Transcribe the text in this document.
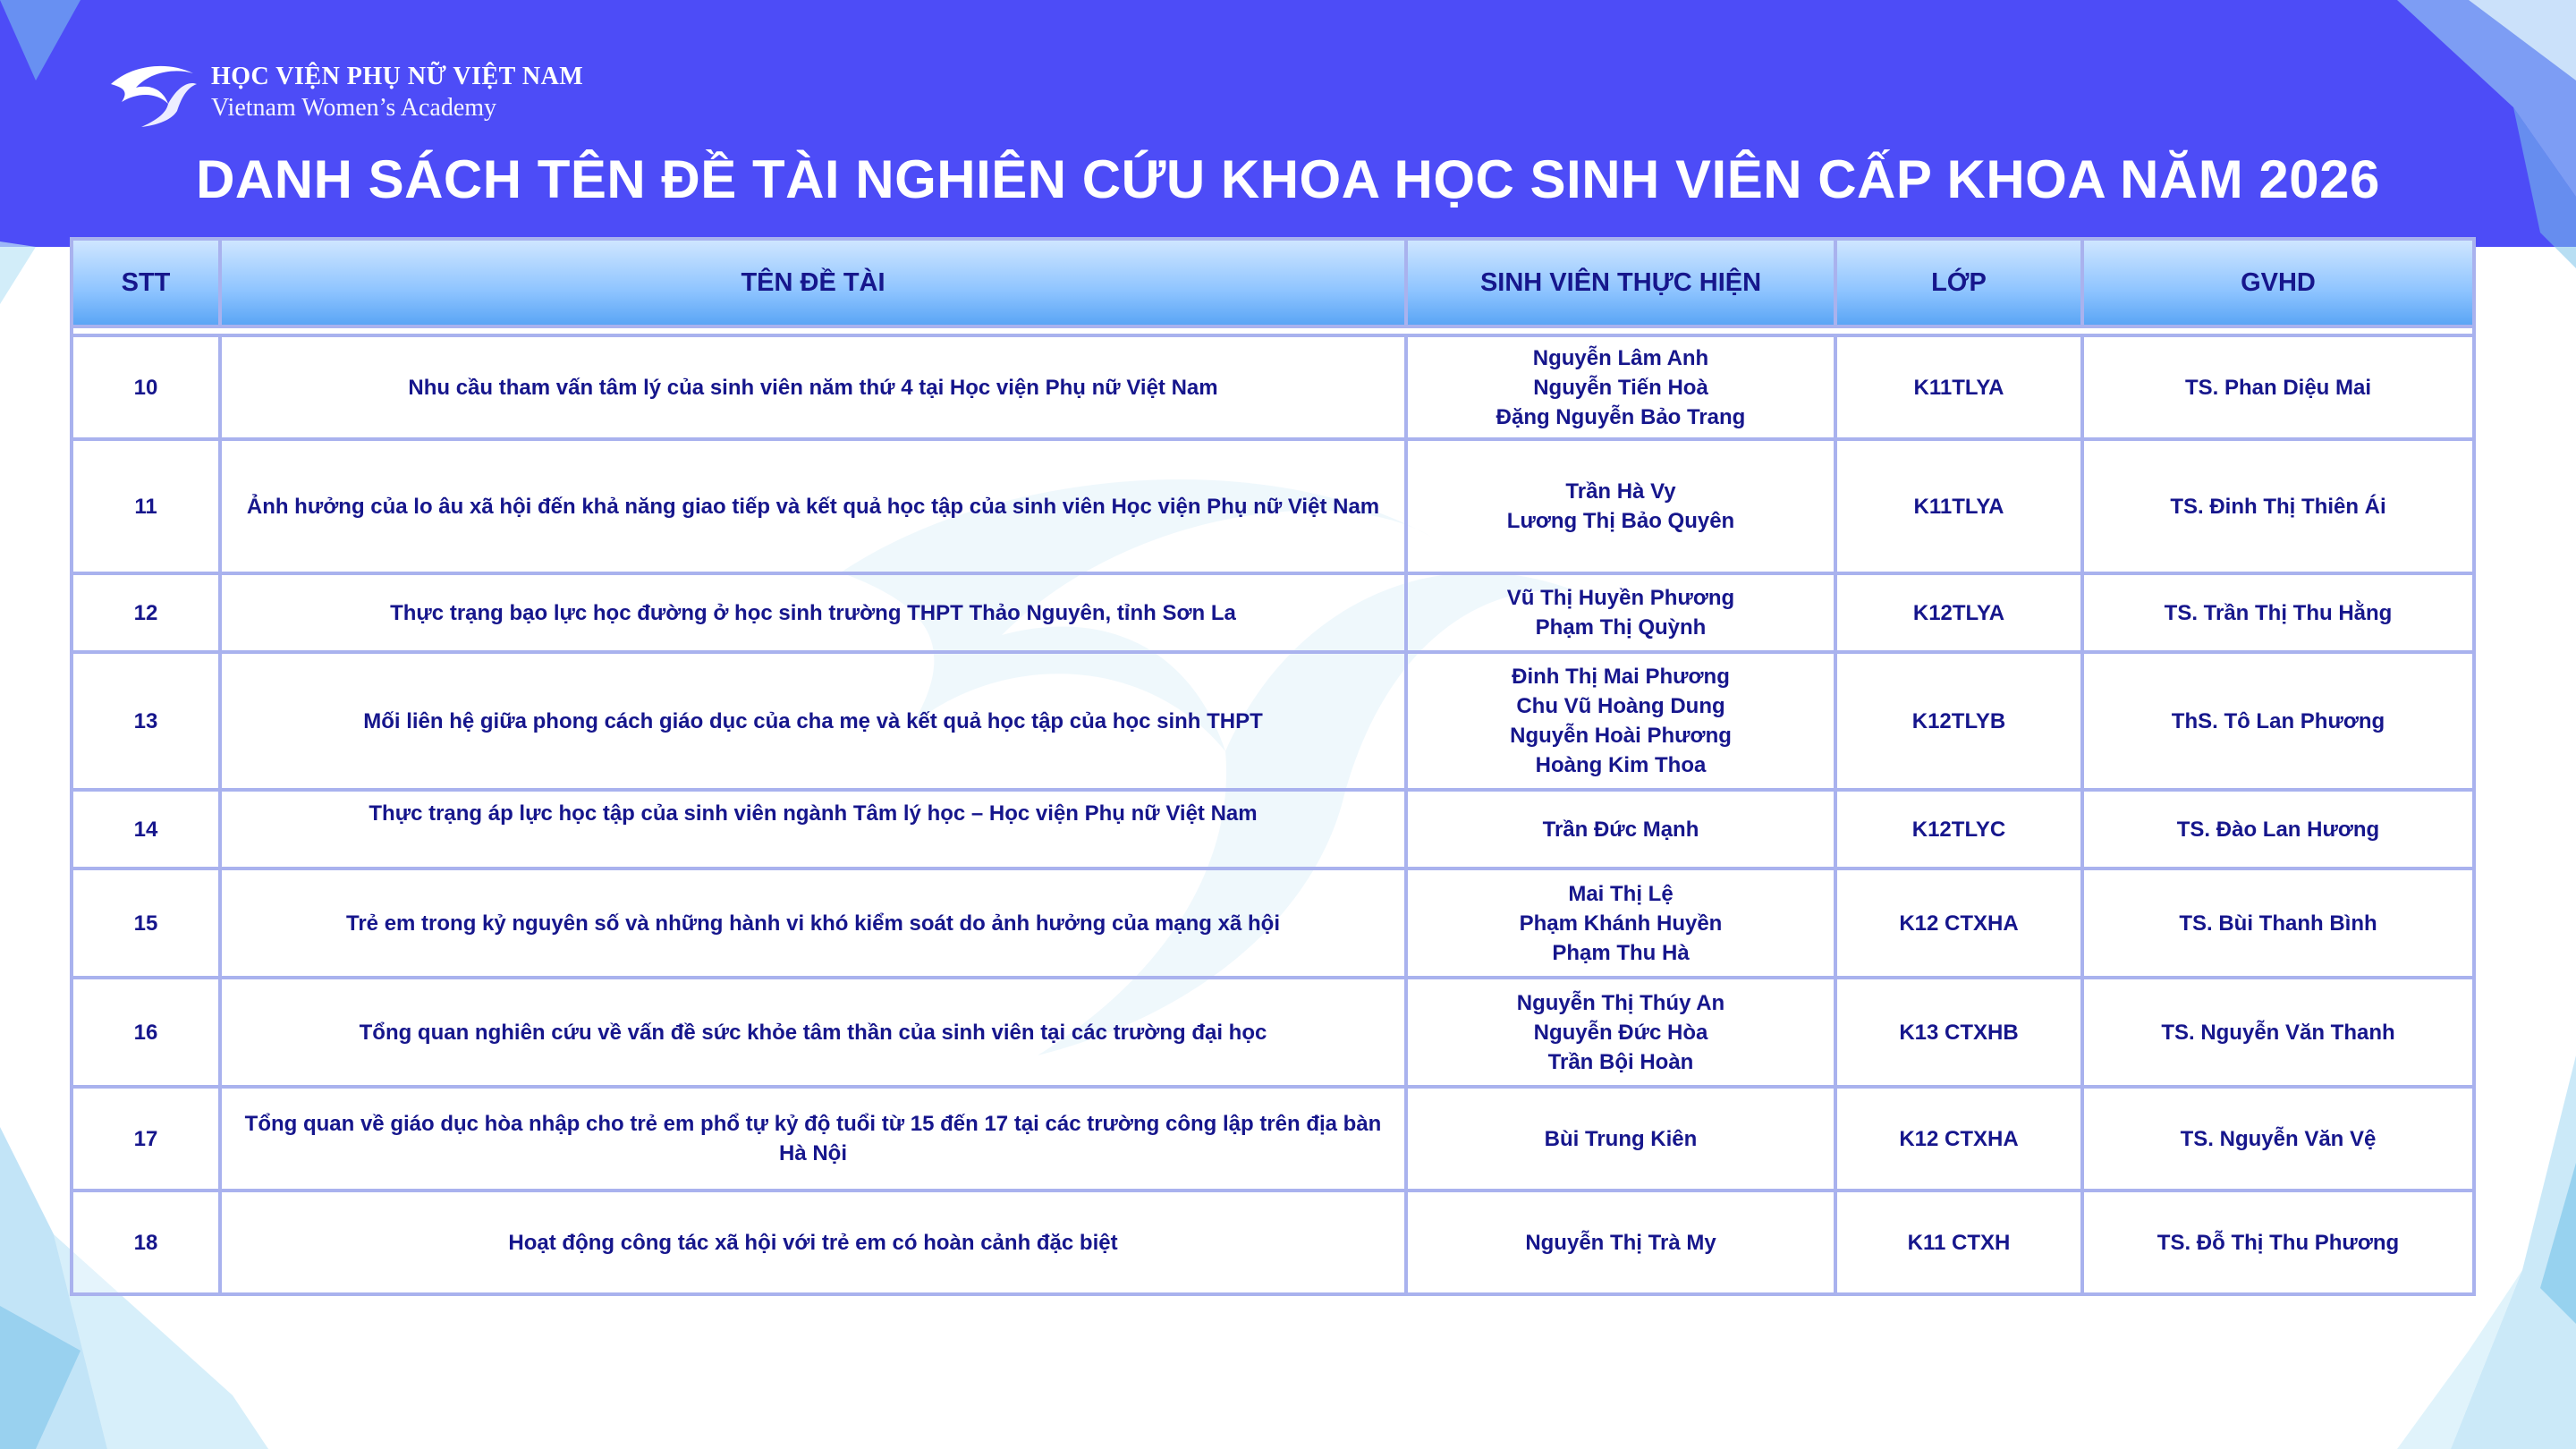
HỌC VIỆN PHỤ NỮ VIỆT NAM
Vietnam Women’s Academy
DANH SÁCH TÊN ĐỀ TÀI NGHIÊN CỨU KHOA HỌC SINH VIÊN CẤP KHOA NĂM 2026
STT	TÊN ĐỀ TÀI	SINH VIÊN THỰC HIỆN	LỚP	GVHD

10	Nhu cầu tham vấn tâm lý của sinh viên năm thứ 4 tại Học viện Phụ nữ Việt Nam	Nguyễn Lâm Anh
Nguyễn Tiến Hoà
Đặng Nguyễn Bảo Trang	K11TLYA	TS. Phan Diệu Mai
11	Ảnh hưởng của lo âu xã hội đến khả năng giao tiếp và kết quả học tập của sinh viên Học viện Phụ nữ Việt Nam	Trần Hà Vy
Lương Thị Bảo Quyên	K11TLYA	TS. Đinh Thị Thiên Ái
12	Thực trạng bạo lực học đường ở học sinh trường THPT Thảo Nguyên, tỉnh Sơn La	Vũ Thị Huyền Phương
Phạm Thị Quỳnh	K12TLYA	TS. Trần Thị Thu Hằng
13	Mối liên hệ giữa phong cách giáo dục của cha mẹ và kết quả học tập của học sinh THPT	Đinh Thị Mai Phương
Chu Vũ Hoàng Dung
Nguyễn Hoài Phương
Hoàng Kim Thoa	K12TLYB	ThS. Tô Lan Phương
14	Thực trạng áp lực học tập của sinh viên ngành Tâm lý học – Học viện Phụ nữ Việt Nam	Trần Đức Mạnh	K12TLYC	TS. Đào Lan Hương
15	Trẻ em trong kỷ nguyên số và những hành vi khó kiểm soát do ảnh hưởng của mạng xã hội	Mai Thị Lệ
Phạm Khánh Huyền
Phạm Thu Hà	K12 CTXHA	TS. Bùi Thanh Bình
16	Tổng quan nghiên cứu về vấn đề sức khỏe tâm thần của sinh viên tại các trường đại học	Nguyễn Thị Thúy An
Nguyễn Đức Hòa
Trần Bội Hoàn	K13 CTXHB	TS. Nguyễn Văn Thanh
17	Tổng quan về giáo dục hòa nhập cho trẻ em phổ tự kỷ độ tuổi từ 15 đến 17 tại các trường công lập trên địa bàn Hà Nội	Bùi Trung Kiên	K12 CTXHA	TS. Nguyễn Văn Vệ
18	Hoạt động công tác xã hội với trẻ em có hoàn cảnh đặc biệt	Nguyễn Thị Trà My	K11 CTXH	TS. Đỗ Thị Thu Phương
